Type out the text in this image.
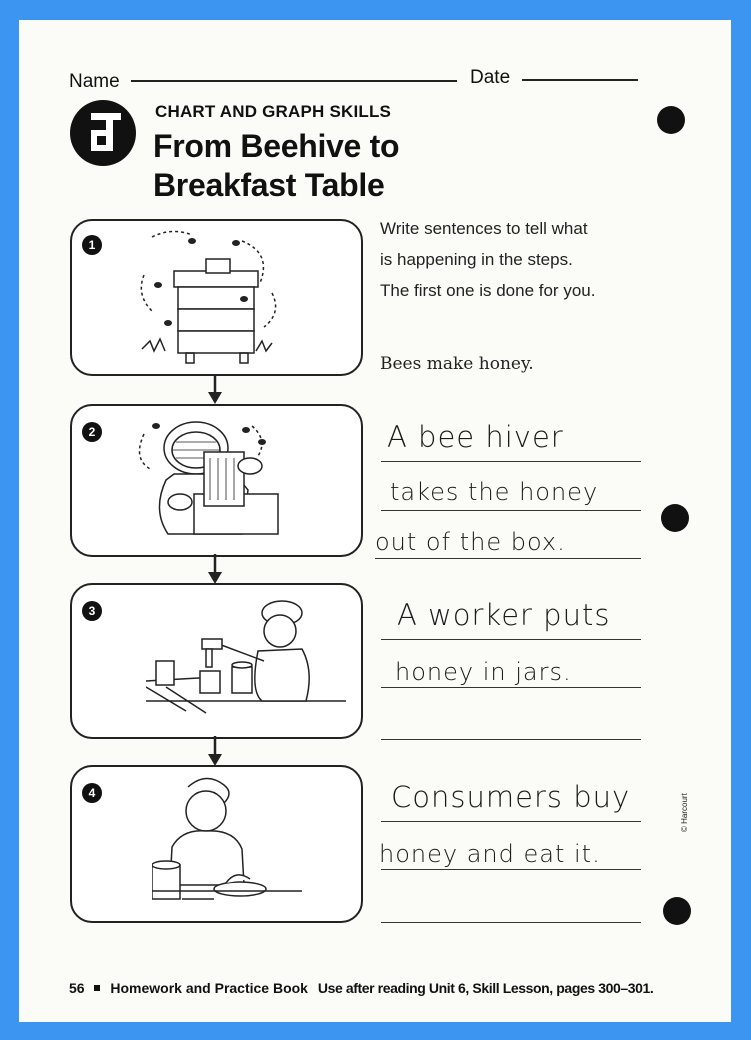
Name	Date
CHART AND GRAPH SKILLS
From Beehive to
Breakfast Table
Write sentences to tell what
is happening in the steps.
The first one is done for you.
1
Bees make honey.
2	A bee hiver
takes the honey
out of the box.
3	A worker puts
honey in jars.
4	Consumers buy
honey and eat it.
© Harcourt
56 Homework and Practice Book Use after reading Unit 6, Skill Lesson, pages 300–301.
